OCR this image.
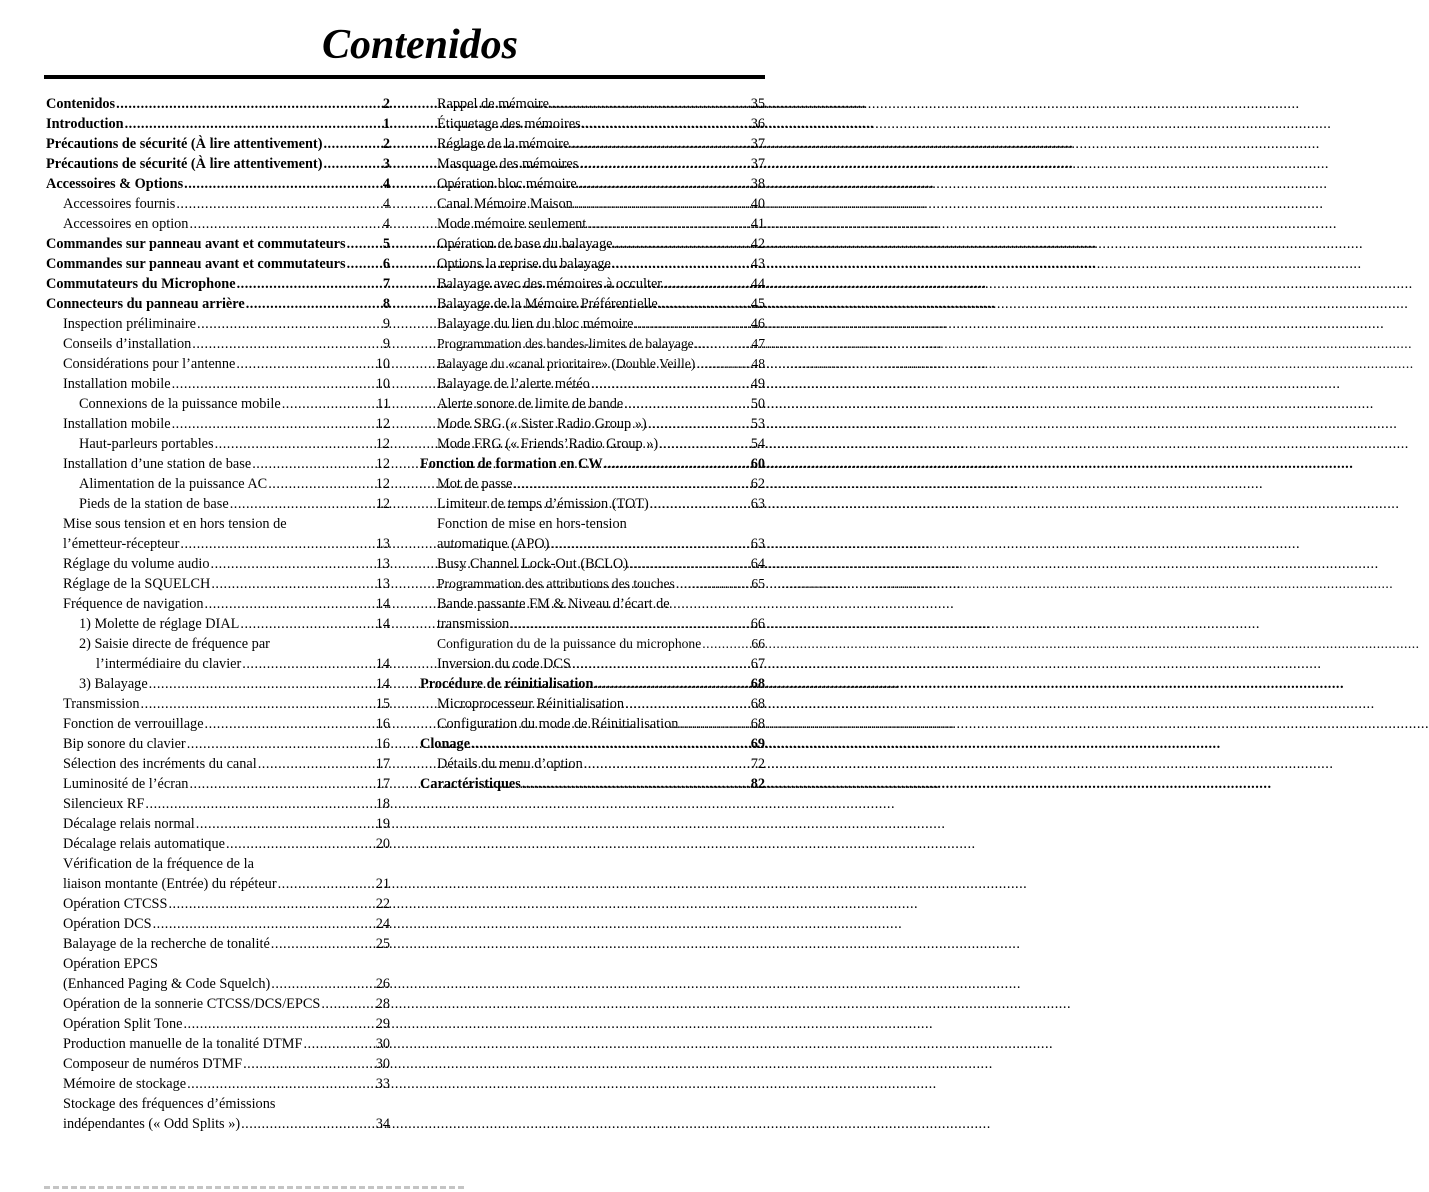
Contenidos
Contenidos .....	2
Introduction .....	1
Précautions de sécurité (À lire attentivement) .....	2
Précautions de sécurité (À lire attentivement) .....	3
Accessoires & Options .....	4
Accessoires fournis .....	4
Accessoires en option .....	4
Commandes sur panneau avant et commutateurs .....	5
Commandes sur panneau avant et commutateurs .....	6
Commutateurs du Microphone .....	7
Connecteurs du panneau arrière .....	8
Inspection préliminaire .....	9
Conseils d’installation .....	9
Considérations pour l’antenne .....	10
Installation mobile .....	10
Connexions de la puissance mobile .....	11
Installation mobile .....	12
Haut-parleurs portables .....	12
Installation d’une station de base .....	12
Alimentation de la puissance AC .....	12
Pieds de la station de base .....	12
Mise sous tension et en hors tension de
l’émetteur-récepteur .....	13
Réglage du volume audio .....	13
Réglage de la SQUELCH .....	13
Fréquence de navigation .....	14
1) Molette de réglage DIAL .....	14
2) Saisie directe de fréquence par
l’intermédiaire du clavier .....	14
3) Balayage .....	14
Transmission .....	15
Fonction de verrouillage .....	16
Bip sonore du clavier .....	16
Sélection des incréments du canal .....	17
Luminosité de l’écran .....	17
Silencieux RF .....	18
Décalage relais normal .....	19
Décalage relais automatique .....	20
Vérification de la fréquence de la
liaison montante (Entrée) du répéteur .....	21
Opération CTCSS .....	22
Opération DCS .....	24
Balayage de la recherche de tonalité .....	25
Opération EPCS
(Enhanced Paging & Code Squelch) .....	26
Opération de la sonnerie CTCSS/DCS/EPCS .....	28
Opération Split Tone .....	29
Production manuelle de la tonalité DTMF .....	30
Composeur de numéros DTMF .....	30
Mémoire de stockage .....	33
Stockage des fréquences d’émissions
indépendantes (« Odd Splits ») .....	34
Rappel de mémoire .....	35
Étiquetage des mémoires .....	36
Réglage de la mémoire .....	37
Masquage des mémoires .....	37
Opération bloc mémoire .....	38
Canal Mémoire Maison .....	40
Mode mémoire seulement .....	41
Opération de base du balayage .....	42
Options la reprise du balayage .....	43
Balayage avec des mémoires à occulter .....	44
Balayage de la Mémoire Préférentielle .....	45
Balayage du lien du bloc mémoire .....	46
Programmation des bandes-limites de balayage .....	47
Balayage du «canal prioritaire» (Double Veille) .....	48
Balayage de l’alerte météo .....	49
Alerte sonore de limite de bande .....	50
Mode SRG (« Sister Radio Group ») .....	53
Mode FRG (« Friends’Radio Group ») .....	54
Fonction de formation en CW .....	60
Mot de passe .....	62
Limiteur de temps d’émission (TOT) .....	63
Fonction de mise en hors-tension
automatique (APO) .....	63
Busy Channel Lock-Out (BCLO) .....	64
Programmation des attributions des touches .....	65
Bande passante FM & Niveau d’écart de
transmission .....	66
Configuration du de la puissance du microphone .....	66
Inversion du code DCS .....	67
Procédure de réinitialisation .....	68
Microprocesseur Réinitialisation .....	68
Configuration du mode de Réinitialisation .....	68
Clonage .....	69
Détails du menu d’option .....	72
Caractéristiques .....	82
